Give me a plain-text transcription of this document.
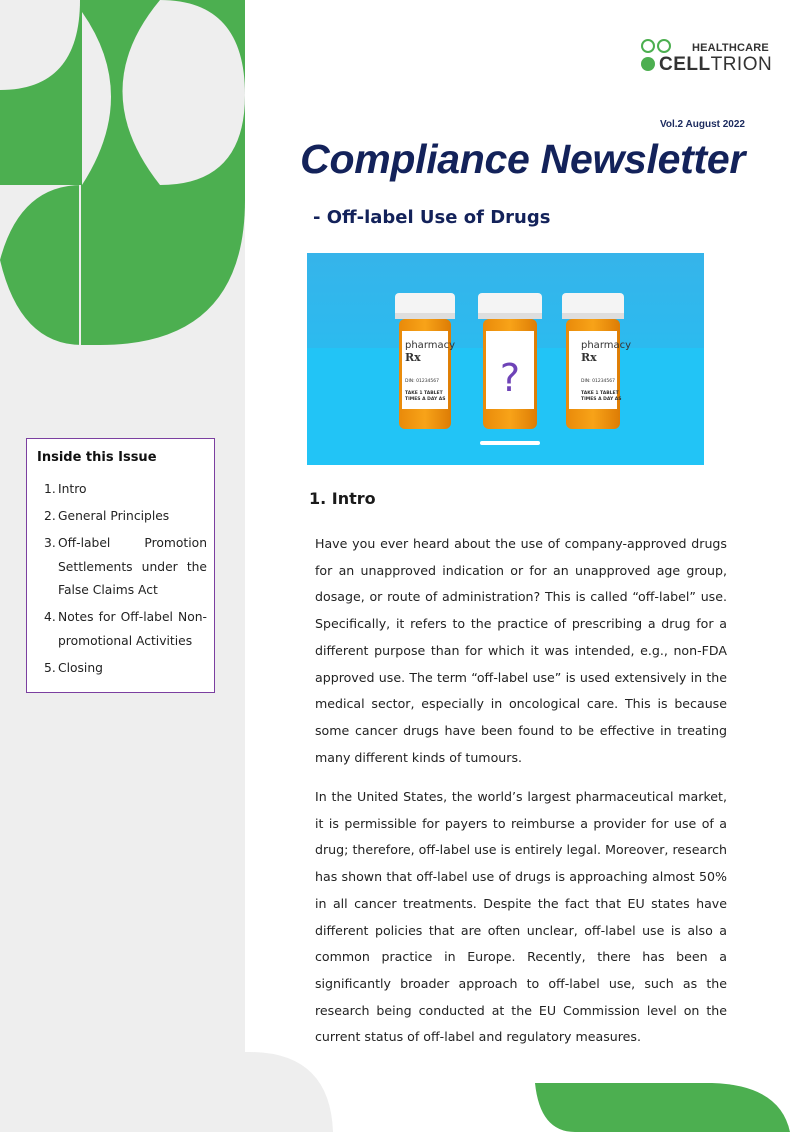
HEALTHCARE
CELLTRION
Vol.2 August 2022
Compliance Newsletter
- Off-label Use of Drugs
pharmacy
Rx
DIN: 01234567
TAKE 1 TABLET
TIMES A DAY AS ?
pharmacy
Rx
DIN: 01234567
TAKE 1 TABLET
TIMES A DAY AS
Inside this Issue
1. Intro
2. General Principles
3. Off-label Promotion Settlements under the False Claims Act
4. Notes for Off-label Non-promotional Activities
5. Closing
1. Intro

Have you ever heard about the use of company-approved drugs for an unapproved indication or for an unapproved age group, dosage, or route of administration? This is called “off-label” use. Specifically, it refers to the practice of prescribing a drug for a different purpose than for which it was intended, e.g., non-FDA approved use. The term “off-label use” is used extensively in the medical sector, especially in oncological care. This is because some cancer drugs have been found to be effective in treating many different kinds of tumours.

In the United States, the world’s largest pharmaceutical market, it is permissible for payers to reimburse a provider for use of a drug; therefore, off-label use is entirely legal. Moreover, research has shown that off-label use of drugs is approaching almost 50% in all cancer treatments. Despite the fact that EU states have different policies that are often unclear, off-label use is also a common practice in Europe. Recently, there has been a significantly broader approach to off-label use, such as the research being conducted at the EU Commission level on the current status of off-label and regulatory measures.
